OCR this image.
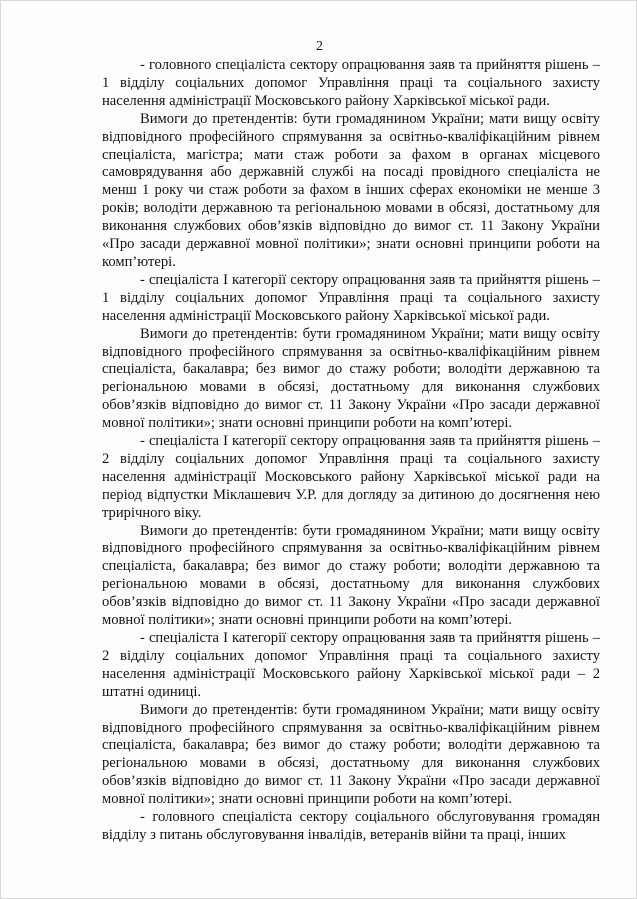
2

- головного спеціаліста сектору опрацювання заяв та прийняття рішень – 1 відділу соціальних допомог Управління праці та соціального захисту населення адміністрації Московського району Харківської міської ради.

Вимоги до претендентів: бути громадянином України; мати вищу освіту відповідного професійного спрямування за освітньо-кваліфікаційним рівнем спеціаліста, магістра; мати стаж роботи за фахом в органах місцевого самоврядування або державній службі на посаді провідного спеціаліста не менш 1 року чи стаж роботи за фахом в інших сферах економіки не менше 3 років; володіти державною та регіональною мовами в обсязі, достатньому для виконання службових обов’язків відповідно до вимог ст. 11 Закону України «Про засади державної мовної політики»; знати основні принципи роботи на комп’ютері.

- спеціаліста I категорії сектору опрацювання заяв та прийняття рішень – 1 відділу соціальних допомог Управління праці та соціального захисту населення адміністрації Московського району Харківської міської ради.

Вимоги до претендентів: бути громадянином України; мати вищу освіту відповідного професійного спрямування за освітньо-кваліфікаційним рівнем спеціаліста, бакалавра; без вимог до стажу роботи; володіти державною та регіональною мовами в обсязі, достатньому для виконання службових обов’язків відповідно до вимог ст. 11 Закону України «Про засади державної мовної політики»; знати основні принципи роботи на комп’ютері.

- спеціаліста I категорії сектору опрацювання заяв та прийняття рішень – 2 відділу соціальних допомог Управління праці та соціального захисту населення адміністрації Московського району Харківської міської ради на період відпустки Міклашевич У.Р. для догляду за дитиною до досягнення нею трирічного віку.

Вимоги до претендентів: бути громадянином України; мати вищу освіту відповідного професійного спрямування за освітньо-кваліфікаційним рівнем спеціаліста, бакалавра; без вимог до стажу роботи; володіти державною та регіональною мовами в обсязі, достатньому для виконання службових обов’язків відповідно до вимог ст. 11 Закону України «Про засади державної мовної політики»; знати основні принципи роботи на комп’ютері.

- спеціаліста I категорії сектору опрацювання заяв та прийняття рішень – 2 відділу соціальних допомог Управління праці та соціального захисту населення адміністрації Московського району Харківської міської ради – 2 штатні одиниці.

Вимоги до претендентів: бути громадянином України; мати вищу освіту відповідного професійного спрямування за освітньо-кваліфікаційним рівнем спеціаліста, бакалавра; без вимог до стажу роботи; володіти державною та регіональною мовами в обсязі, достатньому для виконання службових обов’язків відповідно до вимог ст. 11 Закону України «Про засади державної мовної політики»; знати основні принципи роботи на комп’ютері.

- головного спеціаліста сектору соціального обслуговування громадян відділу з питань обслуговування інвалідів, ветеранів війни та праці, інших
